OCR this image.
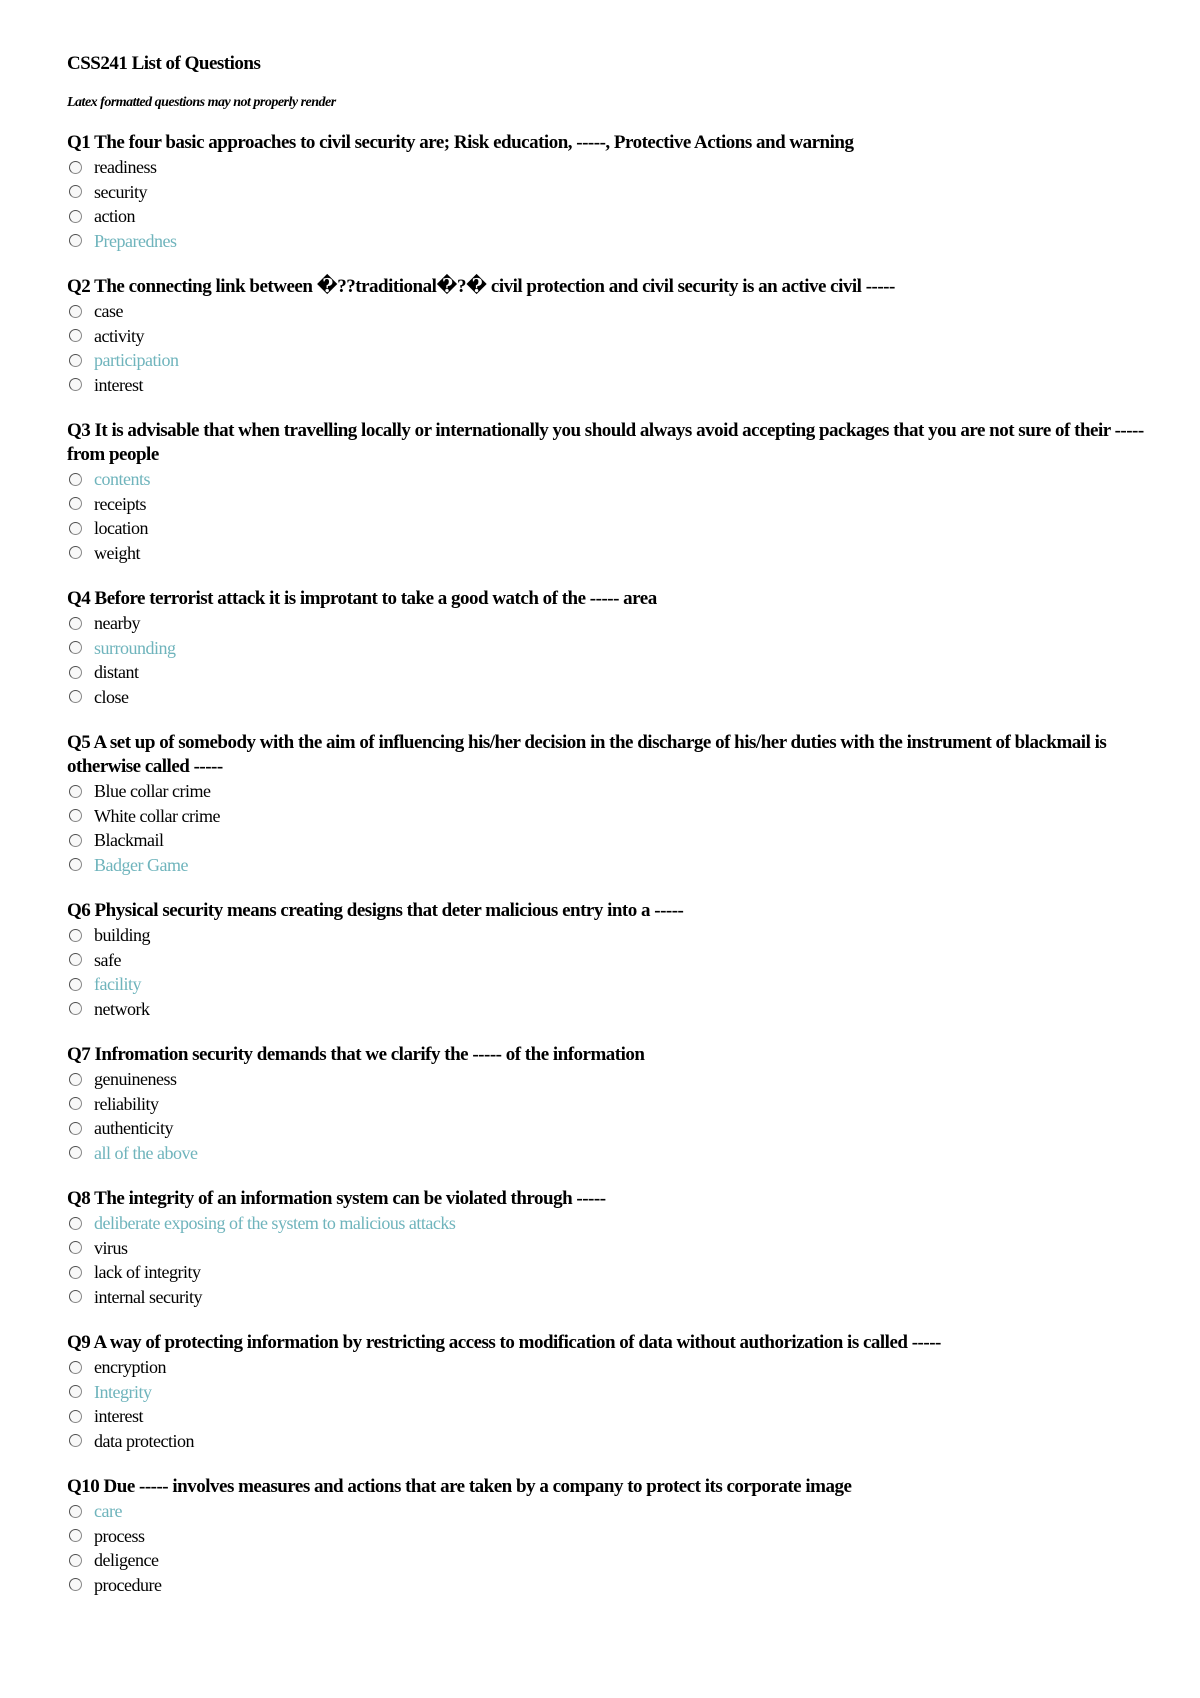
CSS241 List of Questions
Latex formatted questions may not properly render
Q1 The four basic approaches to civil security are; Risk education, -----, Protective Actions and warning
readiness
security
action
Preparednes
Q2 The connecting link between �??traditional�?� civil protection and civil security is an active civil -----
case
activity
participation
interest
Q3 It is advisable that when travelling locally or internationally you should always avoid accepting packages that you are not sure of their ----- from people
contents
receipts
location
weight
Q4 Before terrorist attack it is improtant to take a good watch of the ----- area
nearby
surrounding
distant
close
Q5 A set up of somebody with the aim of influencing his/her decision in the discharge of his/her duties with the instrument of blackmail is otherwise called -----
Blue collar crime
White collar crime
Blackmail
Badger Game
Q6 Physical security means creating designs that deter malicious entry into a -----
building
safe
facility
network
Q7 Infromation security demands that we clarify the ----- of the information
genuineness
reliability
authenticity
all of the above
Q8 The integrity of an information system can be violated through -----
deliberate exposing of the system to malicious attacks
virus
lack of integrity
internal security
Q9 A way of protecting information by restricting access to modification of data without authorization is called -----
encryption
Integrity
interest
data protection
Q10 Due ----- involves measures and actions that are taken by a company to protect its corporate image
care
process
deligence
procedure
